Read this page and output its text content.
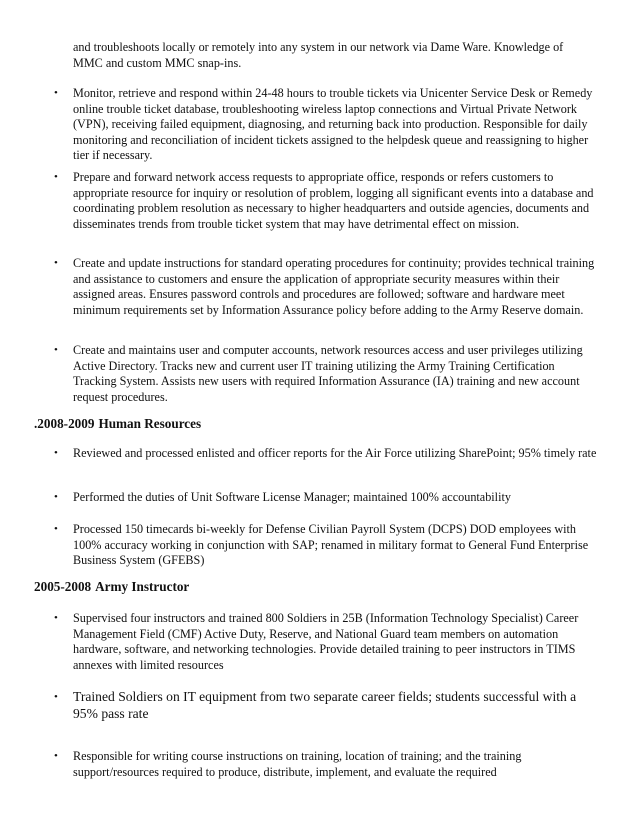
and troubleshoots locally or remotely into any system in our network via Dame Ware. Knowledge of MMC and custom MMC snap-ins.
• Monitor, retrieve and respond within 24-48 hours to trouble tickets via Unicenter Service Desk or Remedy online trouble ticket database, troubleshooting wireless laptop connections and Virtual Private Network (VPN), receiving failed equipment, diagnosing, and returning back into production. Responsible for daily monitoring and reconciliation of incident tickets assigned to the helpdesk queue and reassigning to higher tier if necessary.
• Prepare and forward network access requests to appropriate office, responds or refers customers to appropriate resource for inquiry or resolution of problem, logging all significant events into a database and coordinating problem resolution as necessary to higher headquarters and outside agencies, documents and disseminates trends from trouble ticket system that may have detrimental effect on mission.
• Create and update instructions for standard operating procedures for continuity; provides technical training and assistance to customers and ensure the application of appropriate security measures within their assigned areas. Ensures password controls and procedures are followed; software and hardware meet minimum requirements set by Information Assurance policy before adding to the Army Reserve domain.
• Create and maintains user and computer accounts, network resources access and user privileges utilizing Active Directory. Tracks new and current user IT training utilizing the Army Training Certification Tracking System. Assists new users with required Information Assurance (IA) training and new account request procedures.
.2008-2009 Human Resources
• Reviewed and processed enlisted and officer reports for the Air Force utilizing SharePoint; 95% timely rate
• Performed the duties of Unit Software License Manager; maintained 100% accountability
• Processed 150 timecards bi-weekly for Defense Civilian Payroll System (DCPS) DOD employees with 100% accuracy working in conjunction with SAP; renamed in military format to General Fund Enterprise Business System (GFEBS)
2005-2008 Army Instructor
• Supervised four instructors and trained 800 Soldiers in 25B (Information Technology Specialist) Career Management Field (CMF) Active Duty, Reserve, and National Guard team members on automation hardware, software, and networking technologies. Provide detailed training to peer instructors in TIMS annexes with limited resources
• Trained Soldiers on IT equipment from two separate career fields; students successful with a 95% pass rate
• Responsible for writing course instructions on training, location of training; and the training support/resources required to produce, distribute, implement, and evaluate the required
